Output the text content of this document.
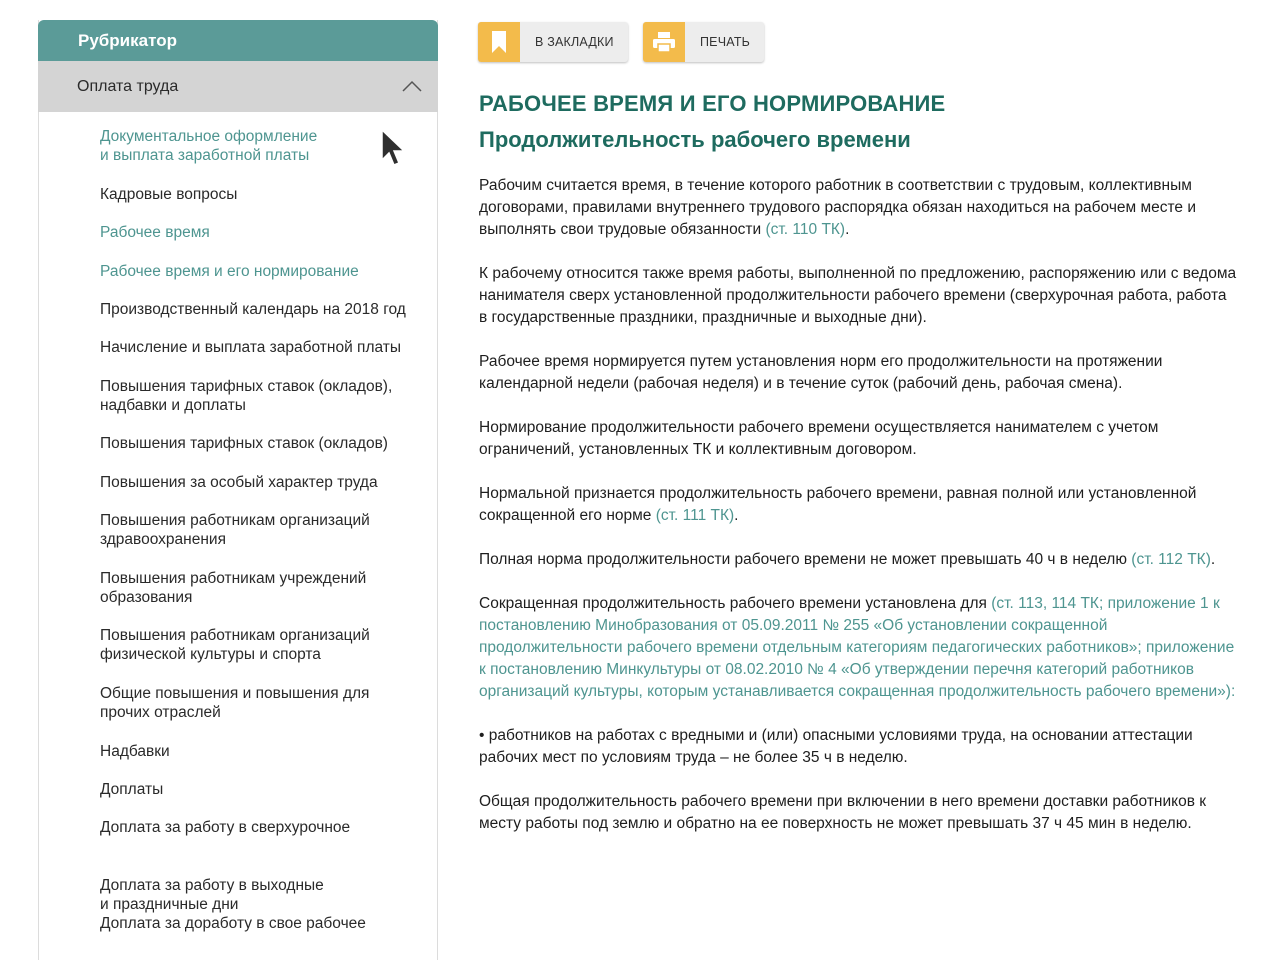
Рубрикатор
Оплата труда
Документальное оформление
и выплата заработной платы
Кадровые вопросы
Рабочее время
Рабочее время и его нормирование
Производственный календарь на 2018 год
Начисление и выплата заработной платы
Повышения тарифных ставок (окладов),
надбавки и доплаты
Повышения тарифных ставок (окладов)
Повышения за особый характер труда
Повышения работникам организаций
здравоохранения
Повышения работникам учреждений
образования
Повышения работникам организаций
физической культуры и спорта
Общие повышения и повышения для
прочих отраслей
Надбавки
Доплаты
Доплата за работу в сверхурочное
Доплата за работу в выходные
и праздничные дни
Доплата за доработу в свое рабочее
В ЗАКЛАДКИ	ПЕЧАТЬ
РАБОЧЕЕ ВРЕМЯ И ЕГО НОРМИРОВАНИЕ
Продолжительность рабочего времени

Рабочим считается время, в течение которого работник в соответствии с трудовым, коллективным договорами, правилами внутреннего трудового распорядка обязан находиться на рабочем месте и выполнять свои трудовые обязанности (ст. 110 ТК).

К рабочему относится также время работы, выполненной по предложению, распоряжению или с ведома нанимателя сверх установленной продолжительности рабочего времени (сверхурочная работа, работа в государственные праздники, праздничные и выходные дни).

Рабочее время нормируется путем установления норм его продолжительности на протяжении календарной недели (рабочая неделя) и в течение суток (рабочий день, рабочая смена).

Нормирование продолжительности рабочего времени осуществляется нанимателем с учетом ограничений, установленных ТК и коллективным договором.

Нормальной признается продолжительность рабочего времени, равная полной или установленной сокращенной его норме (ст. 111 ТК).

Полная норма продолжительности рабочего времени не может превышать 40 ч в неделю (ст. 112 ТК).

Сокращенная продолжительность рабочего времени установлена для (ст. 113, 114 ТК; приложение 1 к постановлению Минобразования от 05.09.2011 № 255 «Об установлении сокращенной продолжительности рабочего времени отдельным категориям педагогических работников»; приложение к постановлению Минкультуры от 08.02.2010 № 4 «Об утверждении перечня категорий работников организаций культуры, которым устанавливается сокращенная продолжительность рабочего времени»):

• работников на работах с вредными и (или) опасными условиями труда, на основании аттестации рабочих мест по условиям труда – не более 35 ч в неделю.

Общая продолжительность рабочего времени при включении в него времени доставки работников к месту работы под землю и обратно на ее поверхность не может превышать 37 ч 45 мин в неделю.
